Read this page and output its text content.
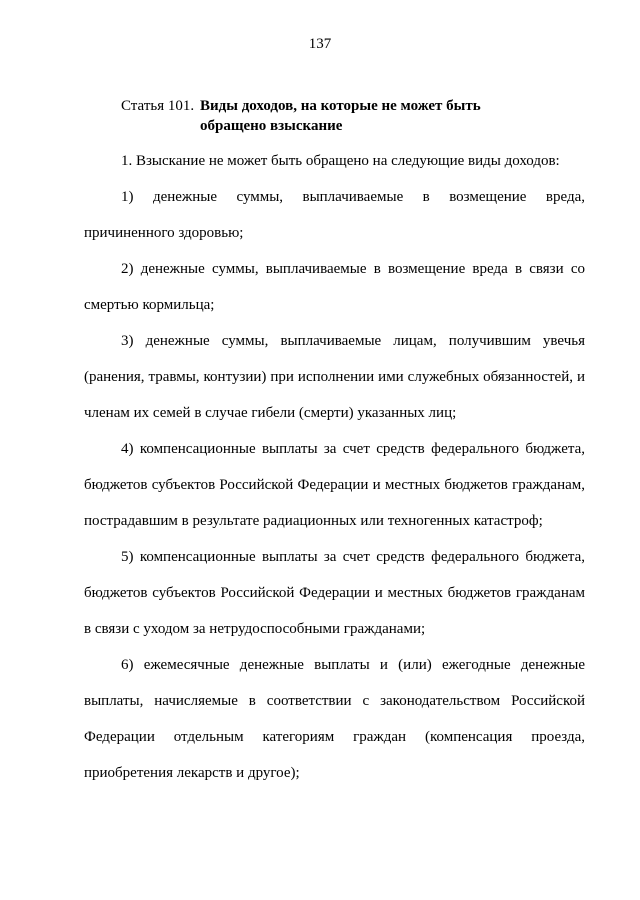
137
Статья 101. Виды доходов, на которые не может быть
обращено взыскание

1. Взыскание не может быть обращено на следующие виды доходов:

1) денежные суммы, выплачиваемые в возмещение вреда, причиненного здоровью;

2) денежные суммы, выплачиваемые в возмещение вреда в связи со смертью кормильца;

3) денежные суммы, выплачиваемые лицам, получившим увечья (ранения, травмы, контузии) при исполнении ими служебных обязанностей, и членам их семей в случае гибели (смерти) указанных лиц;

4) компенсационные выплаты за счет средств федерального бюджета, бюджетов субъектов Российской Федерации и местных бюджетов гражданам, пострадавшим в результате радиационных или техногенных катастроф;

5) компенсационные выплаты за счет средств федерального бюджета, бюджетов субъектов Российской Федерации и местных бюджетов гражданам в связи с уходом за нетрудоспособными гражданами;

6) ежемесячные денежные выплаты и (или) ежегодные денежные выплаты, начисляемые в соответствии с законодательством Российской Федерации отдельным категориям граждан (компенсация проезда, приобретения лекарств и другое);
